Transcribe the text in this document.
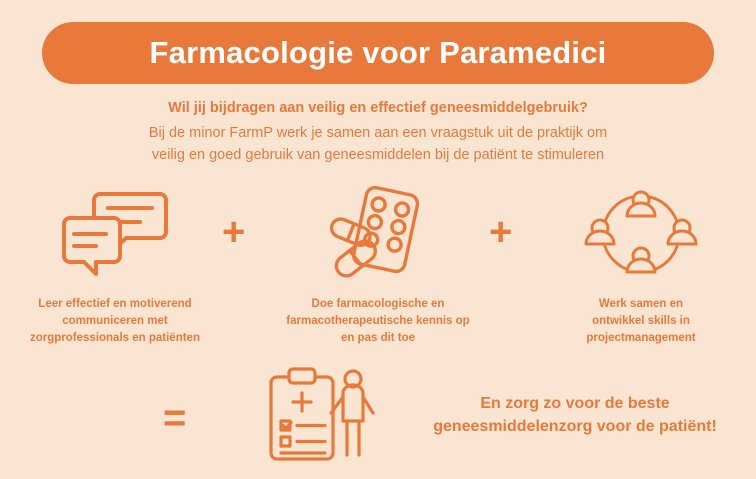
Farmacologie voor Paramedici
Wil jij bijdragen aan veilig en effectief geneesmiddelgebruik?
Bij de minor FarmP werk je samen aan een vraagstuk uit de praktijk om
veilig en goed gebruik van geneesmiddelen bij de patiënt te stimuleren
Leer effectief en motiverend
communiceren met
zorgprofessionals en patiënten
+
Doe farmacologische en
farmacotherapeutische kennis op
en pas dit toe
+
Werk samen en
ontwikkel skills in
projectmanagement
=	En zorg zo voor de beste
geneesmiddelenzorg voor de patiënt!
